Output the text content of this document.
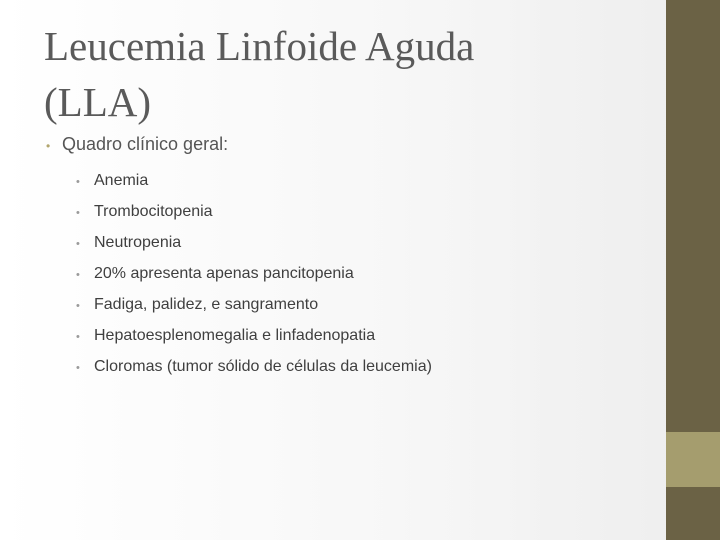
Leucemia Linfoide Aguda
(LLA)
• Quadro clínico geral:
• Anemia
• Trombocitopenia
• Neutropenia
• 20% apresenta apenas pancitopenia
• Fadiga, palidez, e sangramento
• Hepatoesplenomegalia e linfadenopatia
• Cloromas (tumor sólido de células da leucemia)
